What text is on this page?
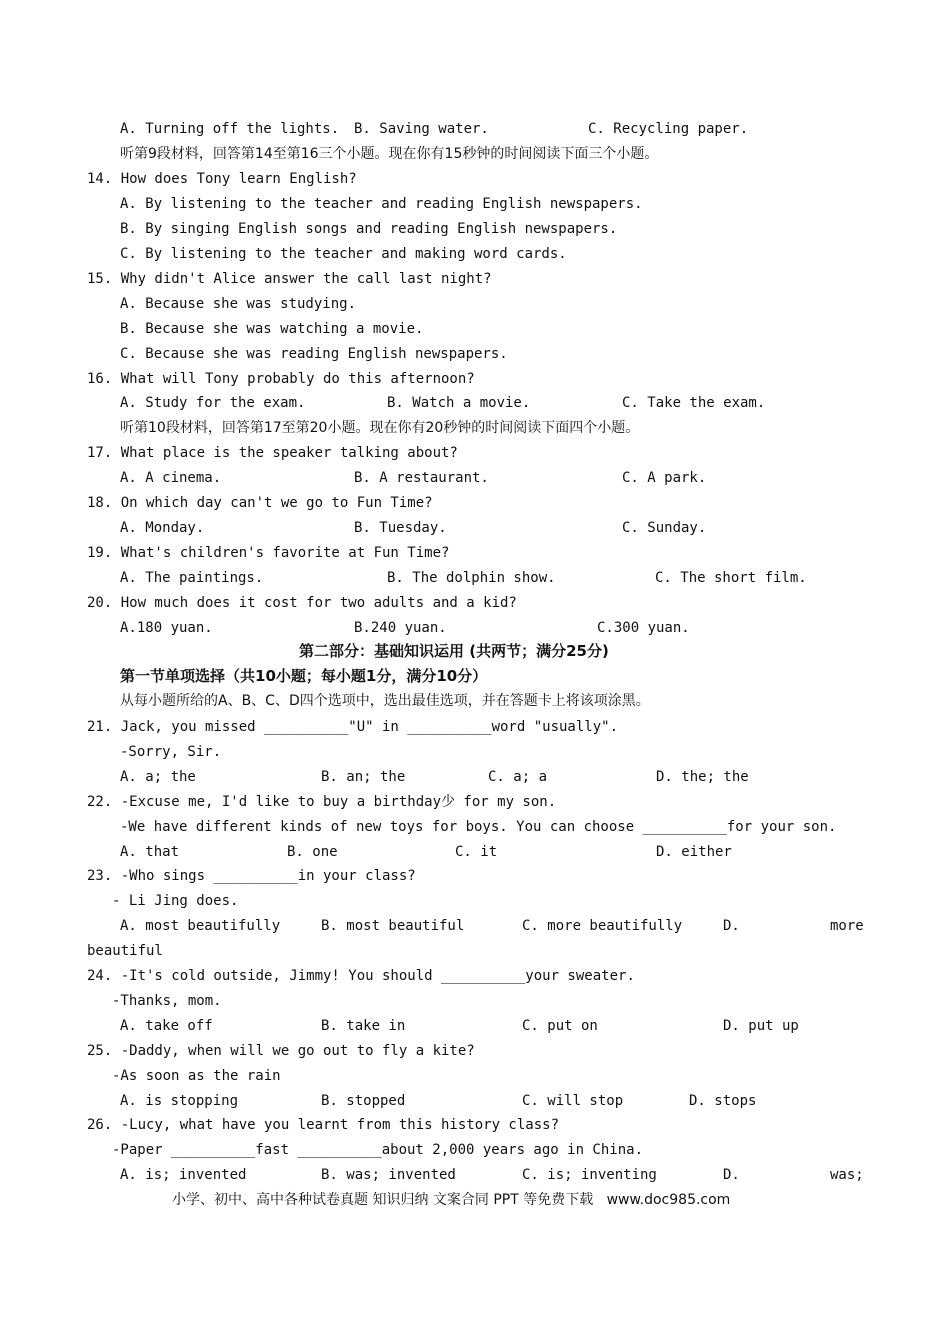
A. Turning off the lights. B. Saving water.	C. Recycling paper.
听第9段材料，回答第14至第16三个小题。现在你有15秒钟的时间阅读下面三个小题。
14. How does Tony learn English?
A. By listening to the teacher and reading English newspapers.
B. By singing English songs and reading English newspapers.
C. By listening to the teacher and making word cards.
15. Why didn't Alice answer the call last night?
A. Because she was studying.
B. Because she was watching a movie.
C. Because she was reading English newspapers.
16. What will Tony probably do this afternoon?
A. Study for the exam.	B. Watch a movie.	C. Take the exam.
听第10段材料，回答第17至第20小题。现在你有20秒钟的时间阅读下面四个小题。
17. What place is the speaker talking about?
A. A cinema.	B. A restaurant.	C. A park.
18. On which day can't we go to Fun Time?
A. Monday.	B. Tuesday.	C. Sunday.
19. What's children's favorite at Fun Time?
A. The paintings.	B. The dolphin show.	C. The short film.
20. How much does it cost for two adults and a kid?
A.180 yuan.	B.240 yuan.	C.300 yuan.
第二部分：基础知识运用 (共两节；满分25分)
第一节单项选择（共10小题；每小题1分，满分10分）
从每小题所给的A、B、C、D四个选项中，选出最佳选项，并在答题卡上将该项涂黑。
21. Jack, you missed __________"U" in __________word "usually".
-Sorry, Sir.
A. a; the	B. an; the	C. a; a	D. the; the
22. -Excuse me, I'd like to buy a birthday少 for my son.
-We have different kinds of new toys for boys. You can choose __________for your son.
A. that	B. one	C. it	D. either
23. -Who sings __________in your class?
- Li Jing does.
A. most beautifully	B. most beautiful	C. more beautifully	D.	more
beautiful
24. -It's cold outside, Jimmy! You should __________your sweater.
-Thanks, mom.
A. take off	B. take in	C. put on	D. put up
25. -Daddy, when will we go out to fly a kite?
-As soon as the rain
A. is stopping	B. stopped	C. will stop	D. stops
26. -Lucy, what have you learnt from this history class?
-Paper __________fast __________about 2,000 years ago in China.
A. is; invented	B. was; invented	C. is; inventing	D.	was;
小学、初中、高中各种试卷真题 知识归纳 文案合同 PPT 等免费下载   www.doc985.com
